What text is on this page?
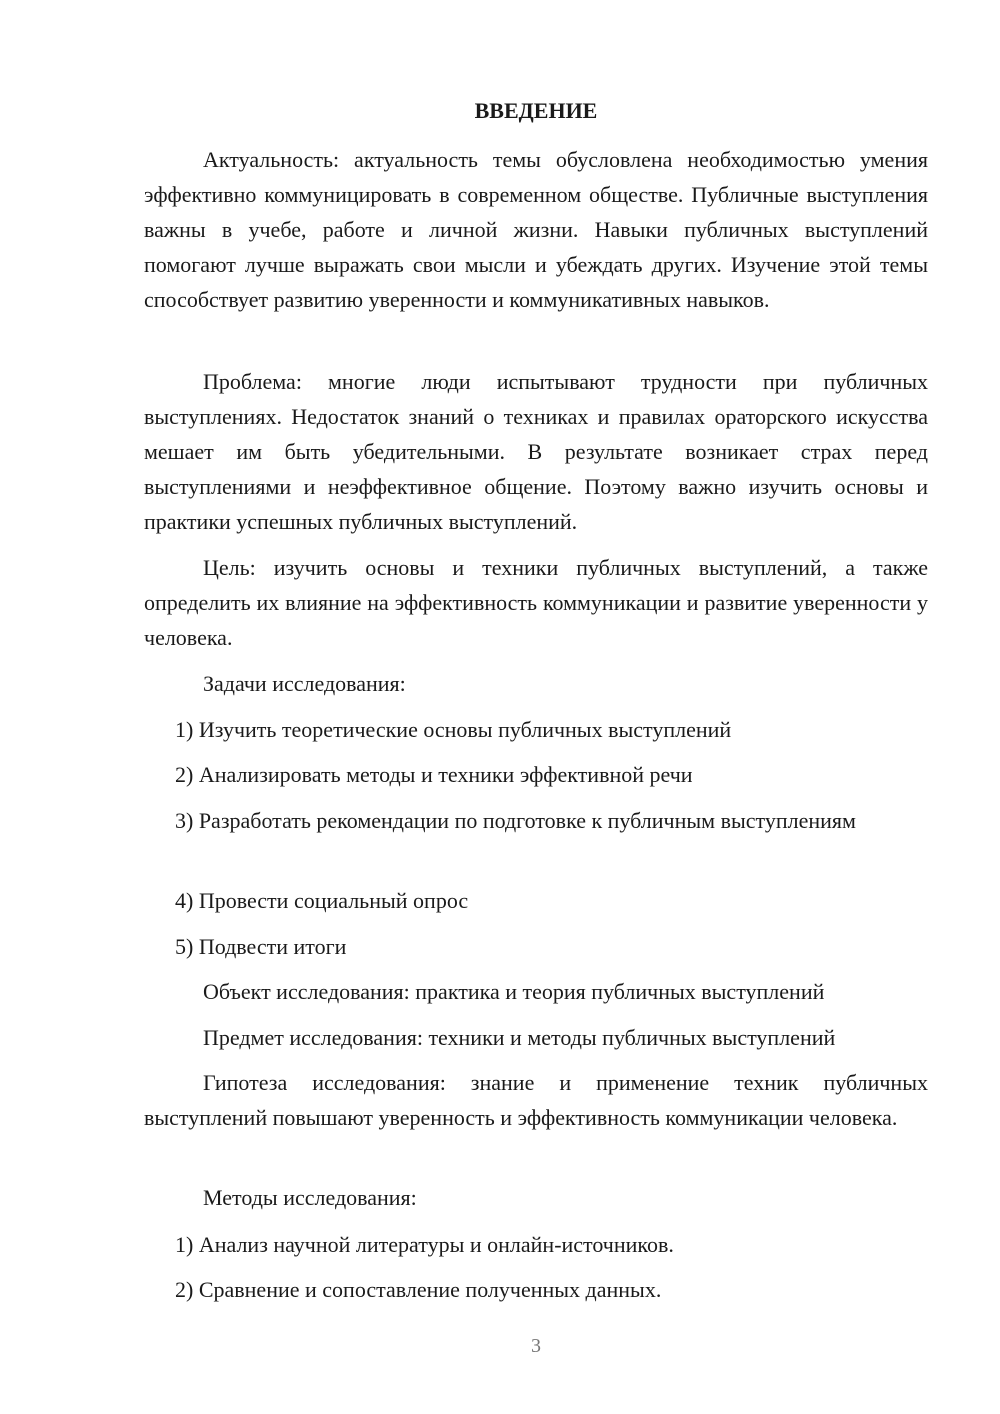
ВВЕДЕНИЕ

Актуальность: актуальность темы обусловлена необходимостью умения эффективно коммуницировать в современном обществе. Публичные выступления важны в учебе, работе и личной жизни. Навыки публичных выступлений помогают лучше выражать свои мысли и убеждать других. Изучение этой темы способствует развитию уверенности и коммуникативных навыков.

Проблема: многие люди испытывают трудности при публичных выступлениях. Недостаток знаний о техниках и правилах ораторского искусства мешает им быть убедительными. В результате возникает страх перед выступлениями и неэффективное общение. Поэтому важно изучить основы и практики успешных публичных выступлений.

Цель: изучить основы и техники публичных выступлений, а также определить их влияние на эффективность коммуникации и развитие уверенности у человека.

Задачи исследования:

1) Изучить теоретические основы публичных выступлений

2) Анализировать методы и техники эффективной речи

3) Разработать рекомендации по подготовке к публичным выступлениям

4) Провести социальный опрос

5) Подвести итоги

Объект исследования: практика и теория публичных выступлений

Предмет исследования: техники и методы публичных выступлений

Гипотеза исследования: знание и применение техник публичных выступлений повышают уверенность и эффективность коммуникации человека.

Методы исследования:

1) Анализ научной литературы и онлайн-источников.

2) Сравнение и сопоставление полученных данных.

3
